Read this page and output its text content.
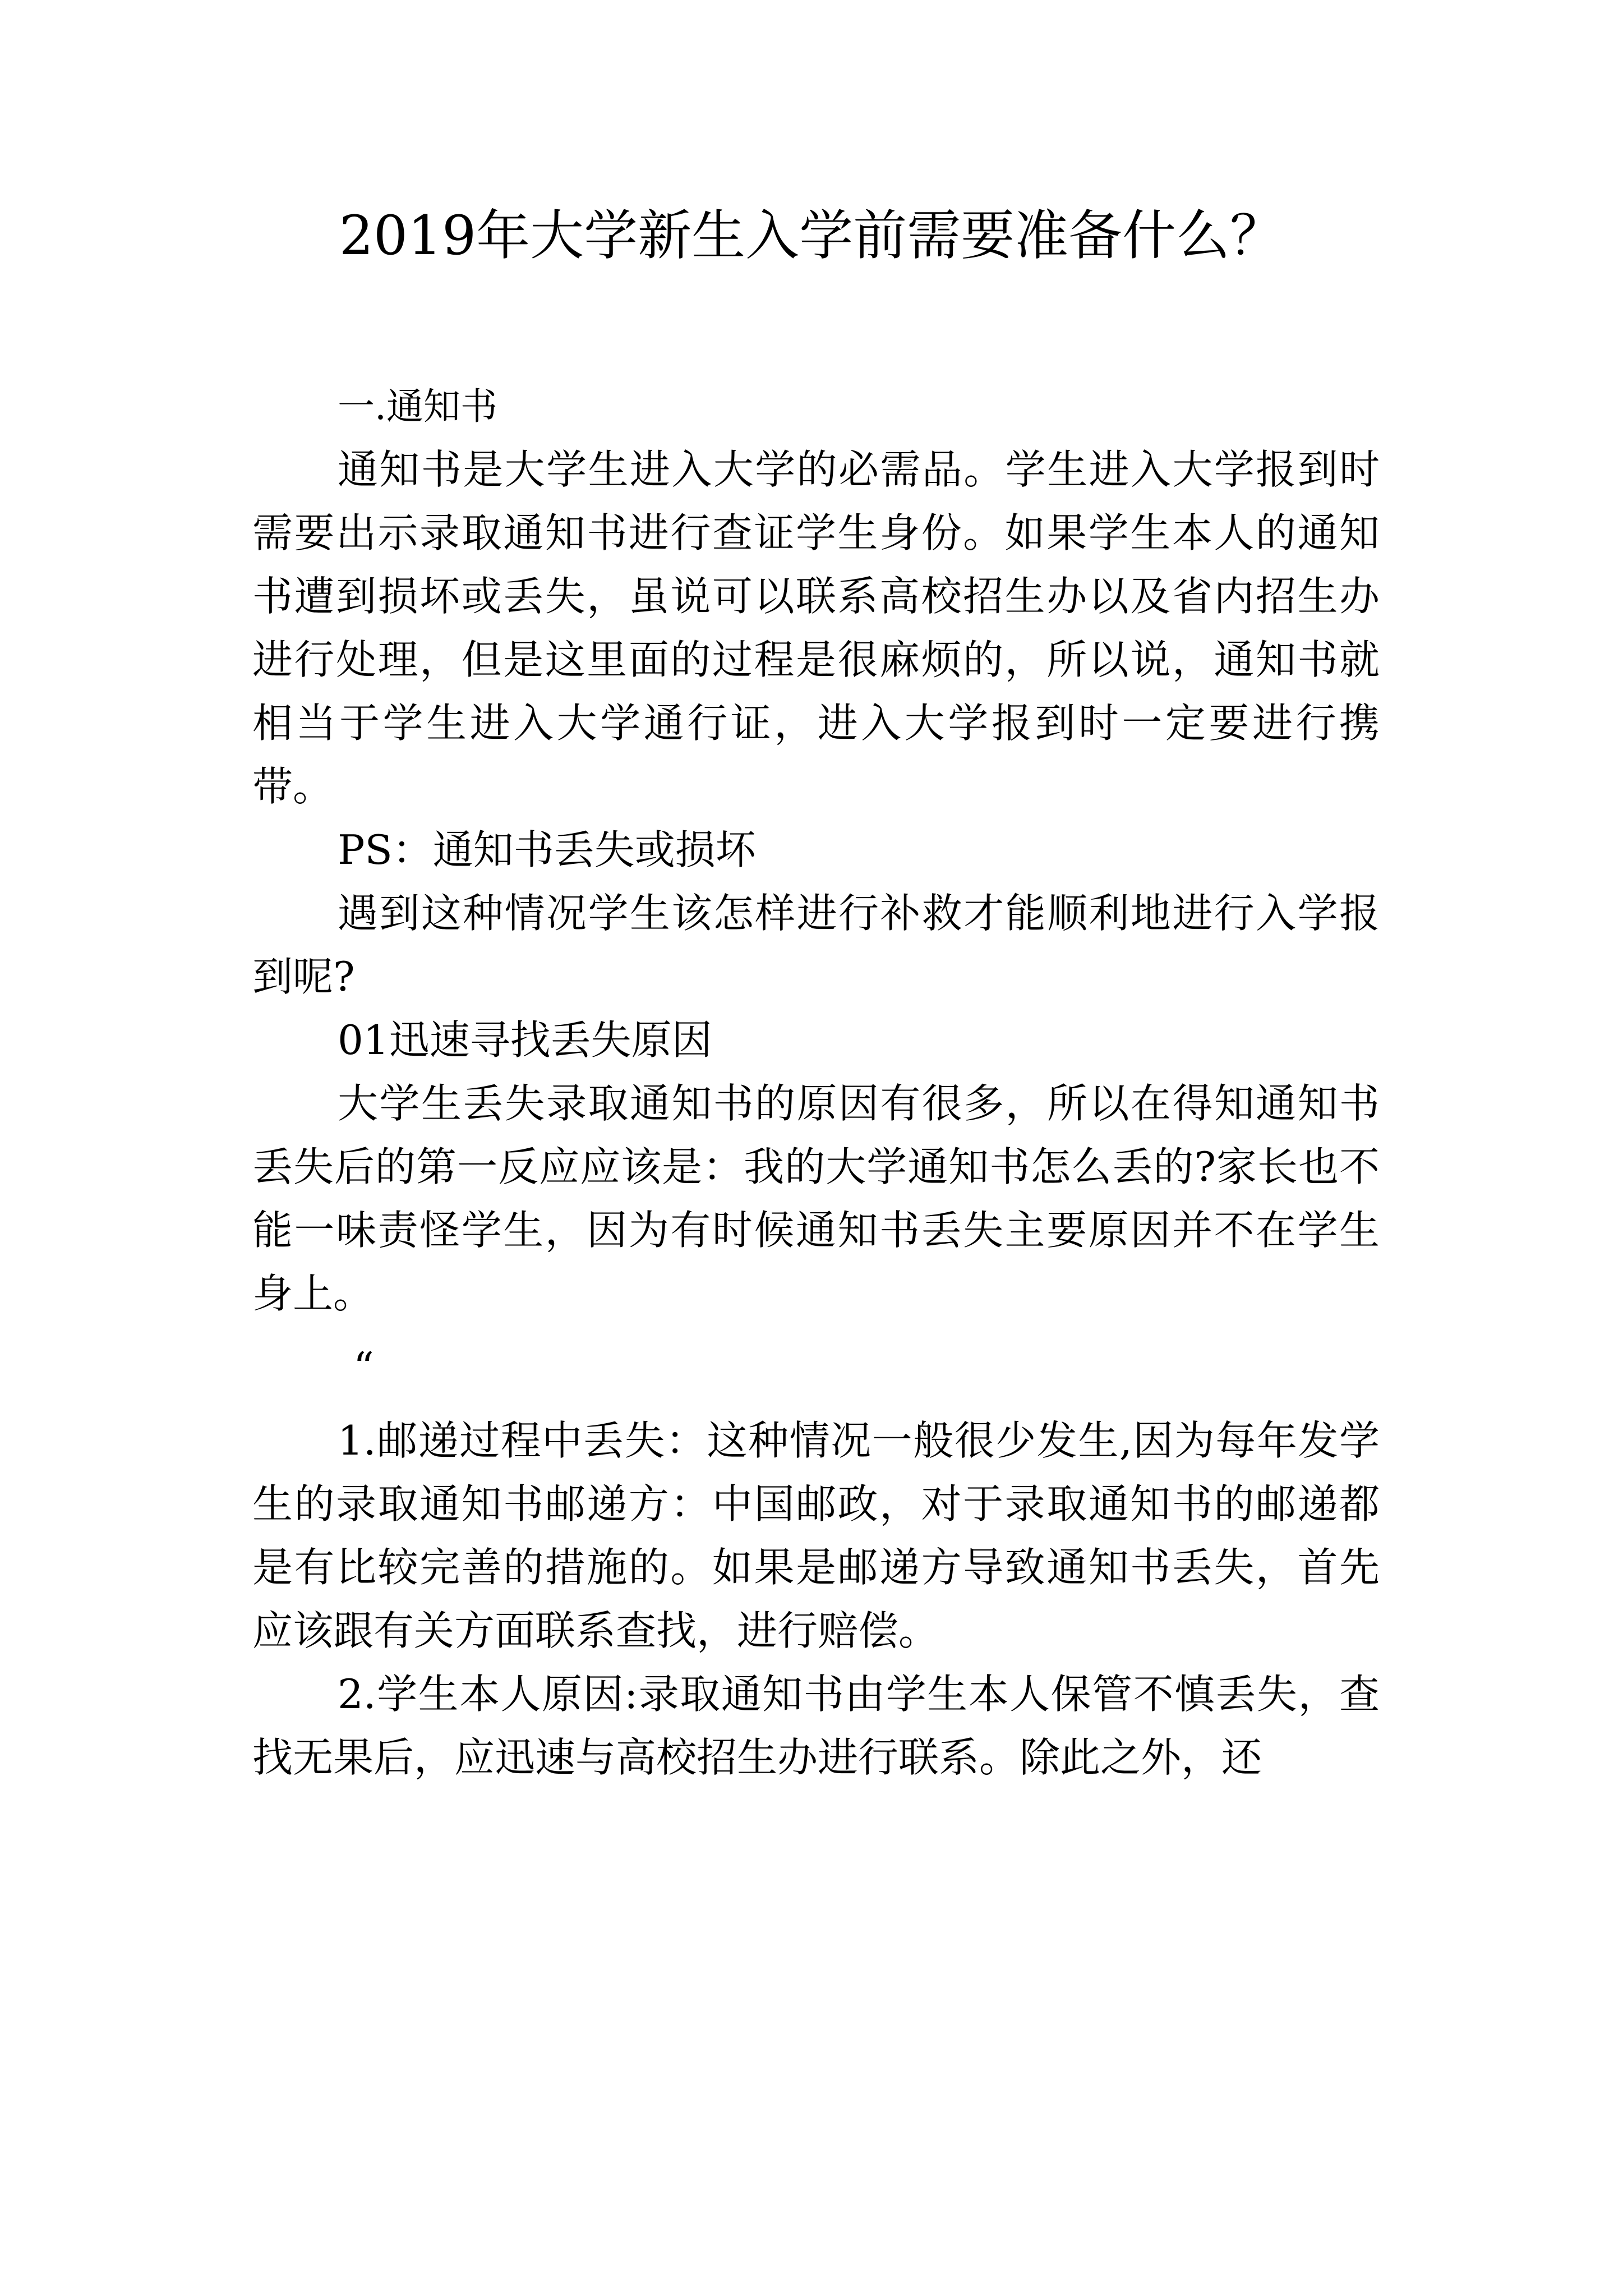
2019年大学新生入学前需要准备什么？

一.通知书

通知书是大学生进入大学的必需品。学生进入大学报到时需要出示录取通知书进行查证学生身份。如果学生本人的通知书遭到损坏或丢失，虽说可以联系高校招生办以及省内招生办进行处理，但是这里面的过程是很麻烦的，所以说，通知书就相当于学生进入大学通行证，进入大学报到时一定要进行携带。

PS：通知书丢失或损坏

遇到这种情况学生该怎样进行补救才能顺利地进行入学报到呢?

01迅速寻找丢失原因

大学生丢失录取通知书的原因有很多，所以在得知通知书丢失后的第一反应应该是：我的大学通知书怎么丢的?家长也不能一味责怪学生，因为有时候通知书丢失主要原因并不在学生身上。

“

1.邮递过程中丢失：这种情况一般很少发生,因为每年发学生的录取通知书邮递方：中国邮政，对于录取通知书的邮递都是有比较完善的措施的。如果是邮递方导致通知书丢失，首先应该跟有关方面联系查找，进行赔偿。

2.学生本人原因:录取通知书由学生本人保管不慎丢失，查找无果后，应迅速与高校招生办进行联系。除此之外，还
